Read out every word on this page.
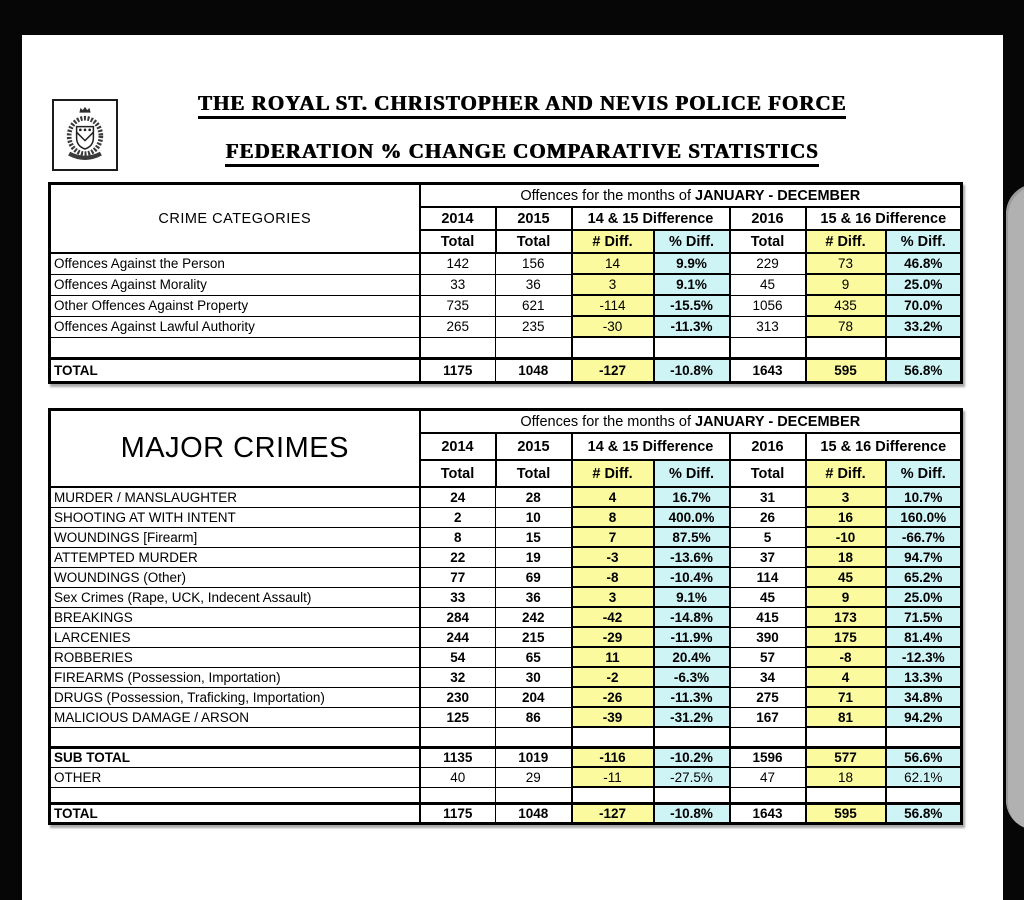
THE ROYAL ST. CHRISTOPHER AND NEVIS POLICE FORCE
FEDERATION % CHANGE COMPARATIVE STATISTICS
CRIME CATEGORIES	Offences for the months of JANUARY - DECEMBER						
	2014	2015	14 & 15 Difference		2016	15 & 16 Difference	
	Total	Total	# Diff.	% Diff.	Total	# Diff.	% Diff.
Offences Against the Person	142	156	14	9.9%	229	73	46.8%
Offences Against Morality	33	36	3	9.1%	45	9	25.0%
Other Offences Against Property	735	621	-114	-15.5%	1056	435	70.0%
Offences Against Lawful Authority	265	235	-30	-11.3%	313	78	33.2%

TOTAL	1175	1048	-127	-10.8%	1643	595	56.8%
MAJOR CRIMES	Offences for the months of JANUARY - DECEMBER						
	2014	2015	14 & 15 Difference		2016	15 & 16 Difference	
	Total	Total	# Diff.	% Diff.	Total	# Diff.	% Diff.
MURDER / MANSLAUGHTER	24	28	4	16.7%	31	3	10.7%
SHOOTING AT WITH INTENT	2	10	8	400.0%	26	16	160.0%
WOUNDINGS [Firearm]	8	15	7	87.5%	5	-10	-66.7%
ATTEMPTED MURDER	22	19	-3	-13.6%	37	18	94.7%
WOUNDINGS (Other)	77	69	-8	-10.4%	114	45	65.2%
Sex Crimes (Rape, UCK, Indecent Assault)	33	36	3	9.1%	45	9	25.0%
BREAKINGS	284	242	-42	-14.8%	415	173	71.5%
LARCENIES	244	215	-29	-11.9%	390	175	81.4%
ROBBERIES	54	65	11	20.4%	57	-8	-12.3%
FIREARMS (Possession, Importation)	32	30	-2	-6.3%	34	4	13.3%
DRUGS (Possession, Traficking, Importation)	230	204	-26	-11.3%	275	71	34.8%
MALICIOUS DAMAGE / ARSON	125	86	-39	-31.2%	167	81	94.2%

SUB TOTAL	1135	1019	-116	-10.2%	1596	577	56.6%
OTHER	40	29	-11	-27.5%	47	18	62.1%

TOTAL	1175	1048	-127	-10.8%	1643	595	56.8%
